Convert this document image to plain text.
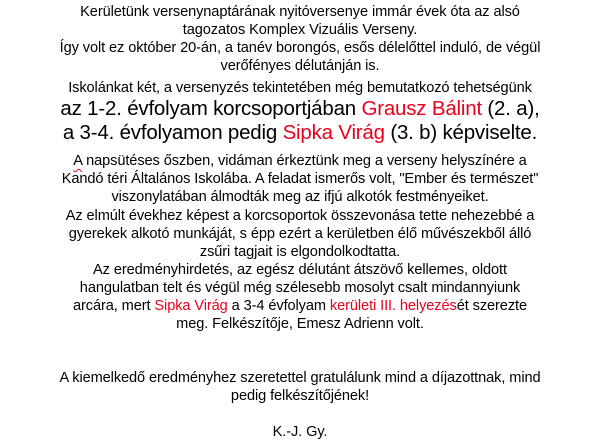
Kerületünk versenynaptárának nyitóversenye immár évek óta az alsó
tagozatos Komplex Vizuális Verseny.
Így volt ez október 20-án, a tanév borongós, esős délelőttel induló, de végül
verőfényes délutánján is.
Iskolánkat két, a versenyzés tekintetében még bemutatkozó tehetségünk
az 1-2. évfolyam korcsoportjában Grausz Bálint (2. a),
a 3-4. évfolyamon pedig Sipka Virág (3. b) képviselte.
A napsütéses őszben, vidáman érkeztünk meg a verseny helyszínére a
Kandó téri Általános Iskolába. A feladat ismerős volt, "Ember és természet"
viszonylatában álmodták meg az ifjú alkotók festményeiket.
Az elmúlt évekhez képest a korcsoportok összevonása tette nehezebbé a
gyerekek alkotó munkáját, s épp ezért a kerületben élő művészekből álló
zsűri tagjait is elgondolkodtatta.
Az eredményhirdetés, az egész délutánt átszövő kellemes, oldott
hangulatban telt és végül még szélesebb mosolyt csalt mindannyiunk
arcára, mert Sipka Virág a 3-4 évfolyam kerületi III. helyezését szerezte
meg. Felkészítője, Emesz Adrienn volt.
A kiemelkedő eredményhez szeretettel gratulálunk mind a díjazottnak, mind
pedig felkészítőjének!
K.-J. Gy.
